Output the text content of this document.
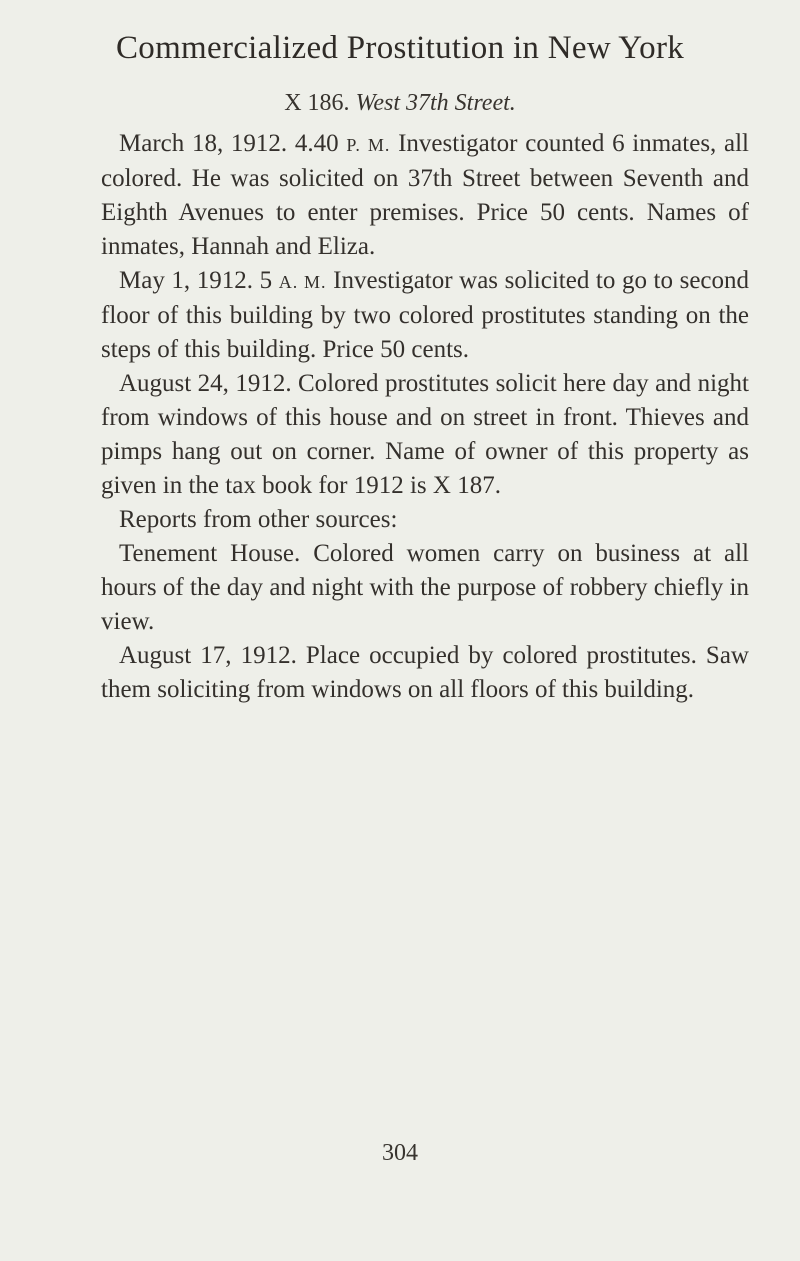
Commercialized Prostitution in New York
X 186. West 37th Street.

March 18, 1912. 4.40 P. M. Investigator counted 6 inmates, all colored. He was solicited on 37th Street between Seventh and Eighth Avenues to enter premises. Price 50 cents. Names of inmates, Hannah and Eliza.

May 1, 1912. 5 A. M. Investigator was solicited to go to second floor of this building by two colored prostitutes standing on the steps of this building. Price 50 cents.

August 24, 1912. Colored prostitutes solicit here day and night from windows of this house and on street in front. Thieves and pimps hang out on corner. Name of owner of this property as given in the tax book for 1912 is X 187.

Reports from other sources:

Tenement House. Colored women carry on business at all hours of the day and night with the purpose of robbery chiefly in view.

August 17, 1912. Place occupied by colored prostitutes. Saw them soliciting from windows on all floors of this building.

304
